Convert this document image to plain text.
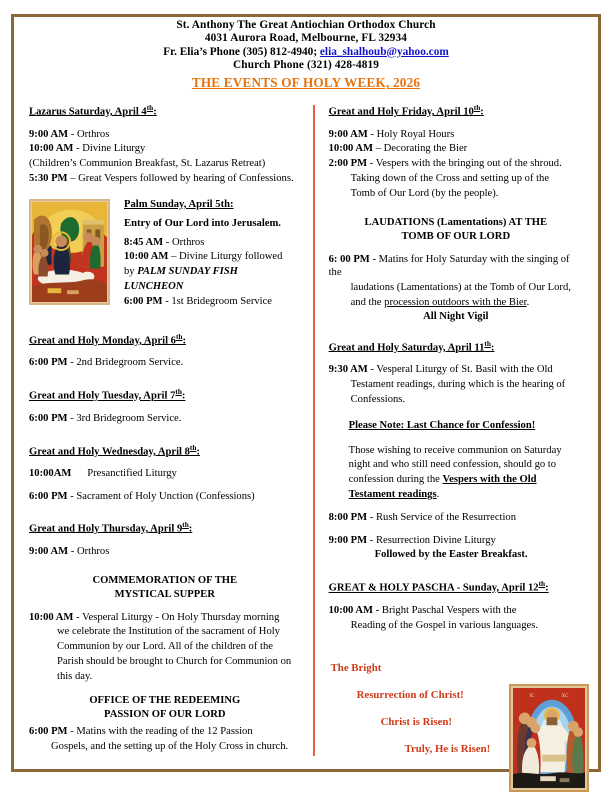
St. Anthony The Great Antiochian Orthodox Church
4031 Aurora Road, Melbourne, FL 32934
Fr. Elia’s Phone (305) 812-4940; elia_shalhoub@yahoo.com
Church Phone (321) 428-4819
THE EVENTS OF HOLY WEEK, 2026
Lazarus Saturday, April 4th:
9:00 AM - Orthros
10:00 AM - Divine Liturgy
(Children’s Communion Breakfast, St. Lazarus Retreat)
5:30 PM – Great Vespers followed by hearing of Confessions.
Palm Sunday, April 5th:
Entry of Our Lord into Jerusalem.
8:45 AM - Orthros
10:00 AM – Divine Liturgy followed
by PALM SUNDAY FISH
LUNCHEON
6:00 PM - 1st Bridegroom Service
Great and Holy Monday, April 6th:
6:00 PM - 2nd Bridegroom Service.
Great and Holy Tuesday, April 7th:
6:00 PM - 3rd Bridegroom Service.
Great and Holy Wednesday, April 8th:
10:00AM      Presanctified Liturgy
6:00 PM - Sacrament of Holy Unction (Confessions)
Great and Holy Thursday, April 9th:
9:00 AM - Orthros
COMMEMORATION OF THE
MYSTICAL SUPPER
10:00 AM - Vesperal Liturgy - On Holy Thursday morning
we celebrate the Institution of the sacrament of Holy
Communion by our Lord. All of the children of the
Parish should be brought to Church for Communion on
this day.
OFFICE OF THE REDEEMING
PASSION OF OUR LORD
6:00 PM - Matins with the reading of the 12 Passion
Gospels, and the setting up of the Holy Cross in church.
Great and Holy Friday, April 10th:
9:00 AM - Holy Royal Hours
10:00 AM – Decorating the Bier
2:00 PM - Vespers with the bringing out of the shroud.
Taking down of the Cross and setting up of the
Tomb of Our Lord (by the people).
LAUDATIONS (Lamentations) AT THE
TOMB OF OUR LORD
6: 00 PM - Matins for Holy Saturday with the singing of the
laudations (Lamentations) at the Tomb of Our Lord,
and the procession outdoors with the Bier.
All Night Vigil
Great and Holy Saturday, April 11th:
9:30 AM - Vesperal Liturgy of St. Basil with the Old
Testament readings, during which is the hearing of
Confessions.
Please Note: Last Chance for Confession!
Those wishing to receive communion on Saturday
night and who still need confession, should go to
confession during the Vespers with the Old
Testament readings.
8:00 PM - Rush Service of the Resurrection
9:00 PM - Resurrection Divine Liturgy
Followed by the Easter Breakfast.
GREAT & HOLY PASCHA - Sunday, April 12th:
10:00 AM - Bright Paschal Vespers with the
Reading of the Gospel in various languages.
The Bright
Resurrection of Christ!
Christ is Risen!
Truly, He is Risen!
IC	XC
